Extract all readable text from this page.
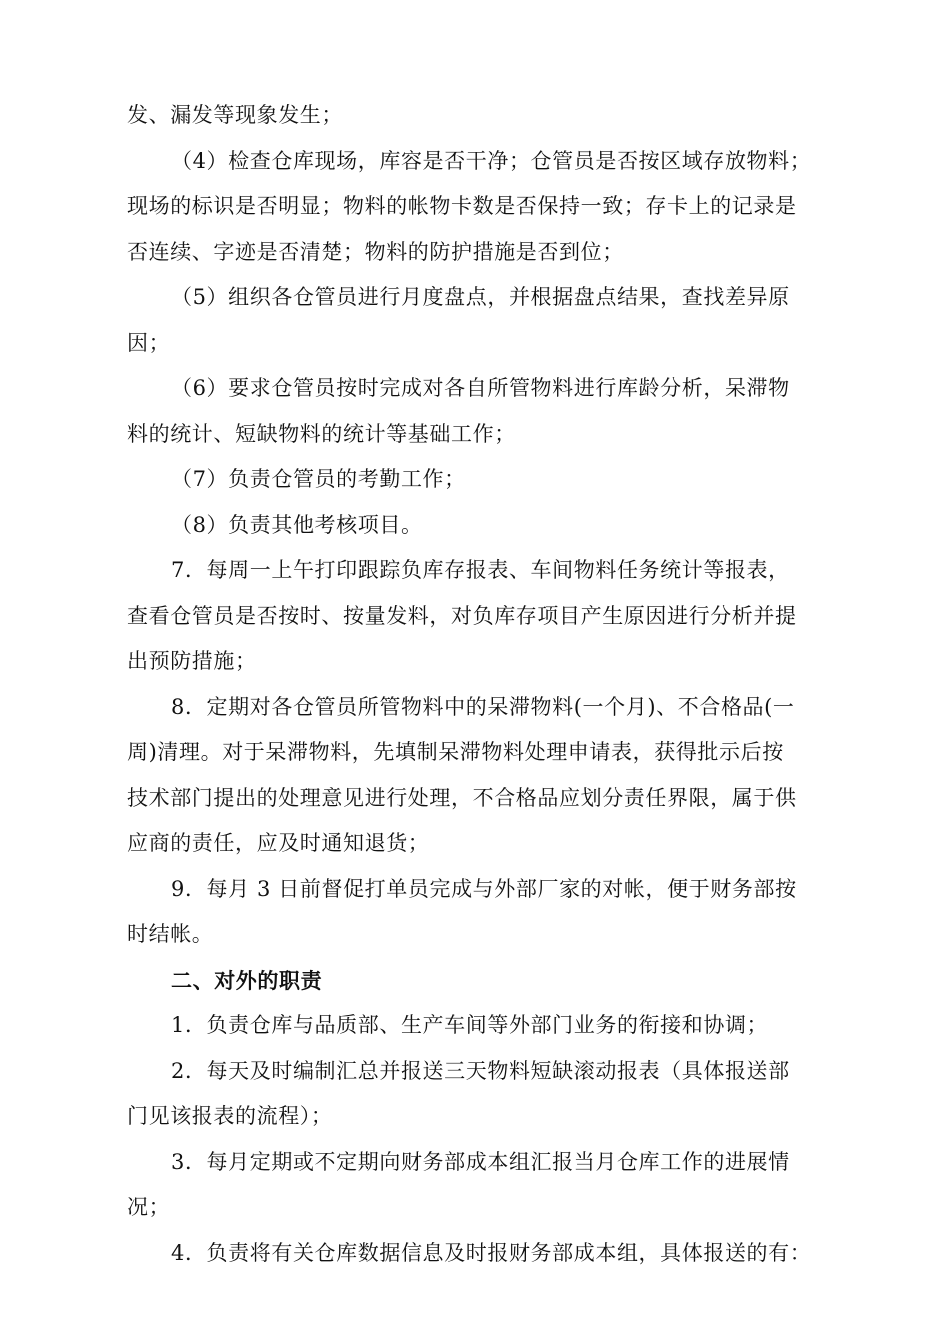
发、漏发等现象发生；
（4）检查仓库现场，库容是否干净；仓管员是否按区域存放物料；
现场的标识是否明显；物料的帐物卡数是否保持一致；存卡上的记录是
否连续、字迹是否清楚；物料的防护措施是否到位；
（5）组织各仓管员进行月度盘点，并根据盘点结果，查找差异原
因；
（6）要求仓管员按时完成对各自所管物料进行库龄分析，呆滞物
料的统计、短缺物料的统计等基础工作；
（7）负责仓管员的考勤工作；
（8）负责其他考核项目。
7．每周一上午打印跟踪负库存报表、车间物料任务统计等报表，
查看仓管员是否按时、按量发料，对负库存项目产生原因进行分析并提
出预防措施；
8．定期对各仓管员所管物料中的呆滞物料(一个月)、不合格品(一
周)清理。对于呆滞物料，先填制呆滞物料处理申请表，获得批示后按
技术部门提出的处理意见进行处理，不合格品应划分责任界限，属于供
应商的责任，应及时通知退货；
9．每月 3 日前督促打单员完成与外部厂家的对帐，便于财务部按
时结帐。
二、对外的职责
1．负责仓库与品质部、生产车间等外部门业务的衔接和协调；
2．每天及时编制汇总并报送三天物料短缺滚动报表（具体报送部
门见该报表的流程）；
3．每月定期或不定期向财务部成本组汇报当月仓库工作的进展情
况；
4．负责将有关仓库数据信息及时报财务部成本组，具体报送的有：
